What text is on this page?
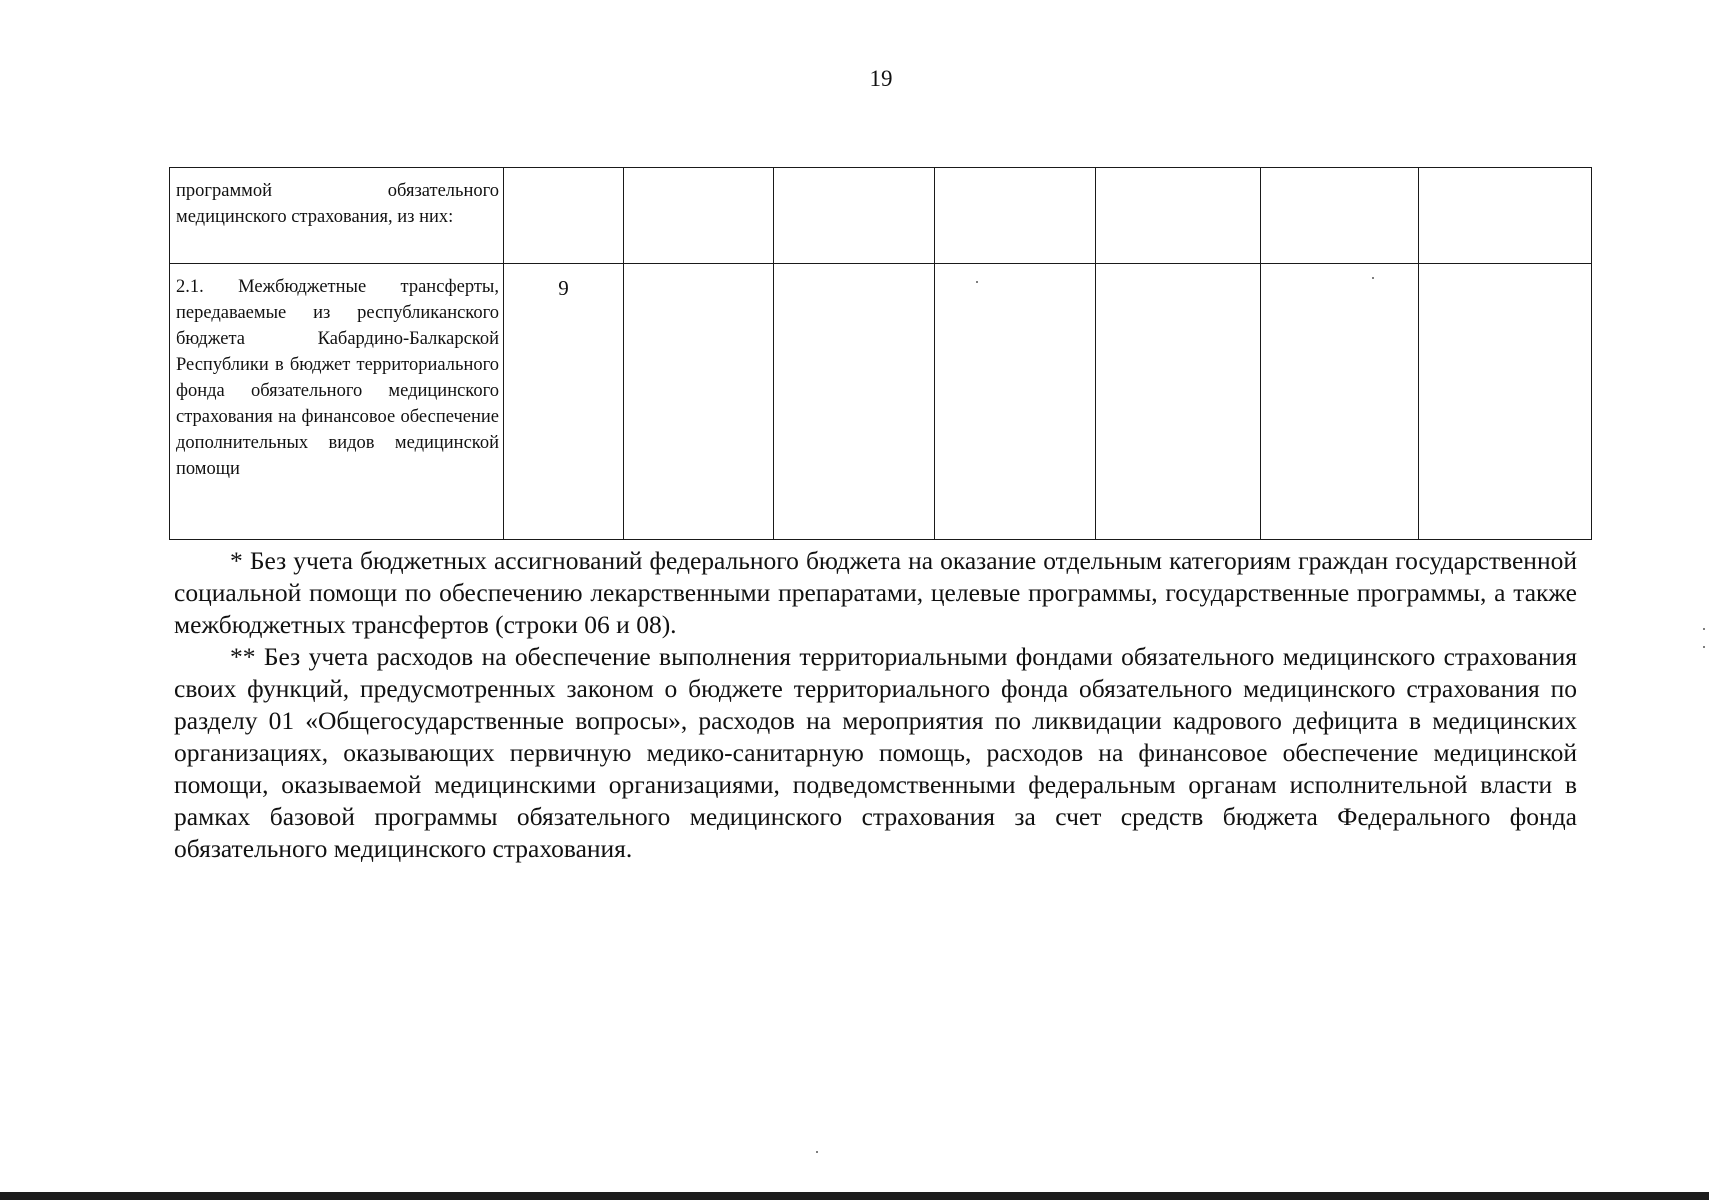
19
программой обязательного медицинского страхования, из них:							
2.1. Межбюджетные трансферты, передаваемые из республиканского бюджета Кабардино-Балкарской Республики в бюджет территориального фонда обязательного медицинского страхования на финансовое обеспечение дополнительных видов медицинской помощи	9						

* Без учета бюджетных ассигнований федерального бюджета на оказание отдельным категориям граждан государственной социальной помощи по обеспечению лекарственными препаратами, целевые программы, государственные программы, а также межбюджетных трансфертов (строки 06 и 08).

** Без учета расходов на обеспечение выполнения территориальными фондами обязательного медицинского страхования своих функций, предусмотренных законом о бюджете территориального фонда обязательного медицинского страхования по разделу 01 «Общегосударственные вопросы», расходов на мероприятия по ликвидации кадрового дефицита в медицинских организациях, оказывающих первичную медико-санитарную помощь, расходов на финансовое обеспечение медицинской помощи, оказываемой медицинскими организациями, подведомственными федеральным органам исполнительной власти в рамках базовой программы обязательного медицинского страхования за счет средств бюджета Федерального фонда обязательного медицинского страхования.
